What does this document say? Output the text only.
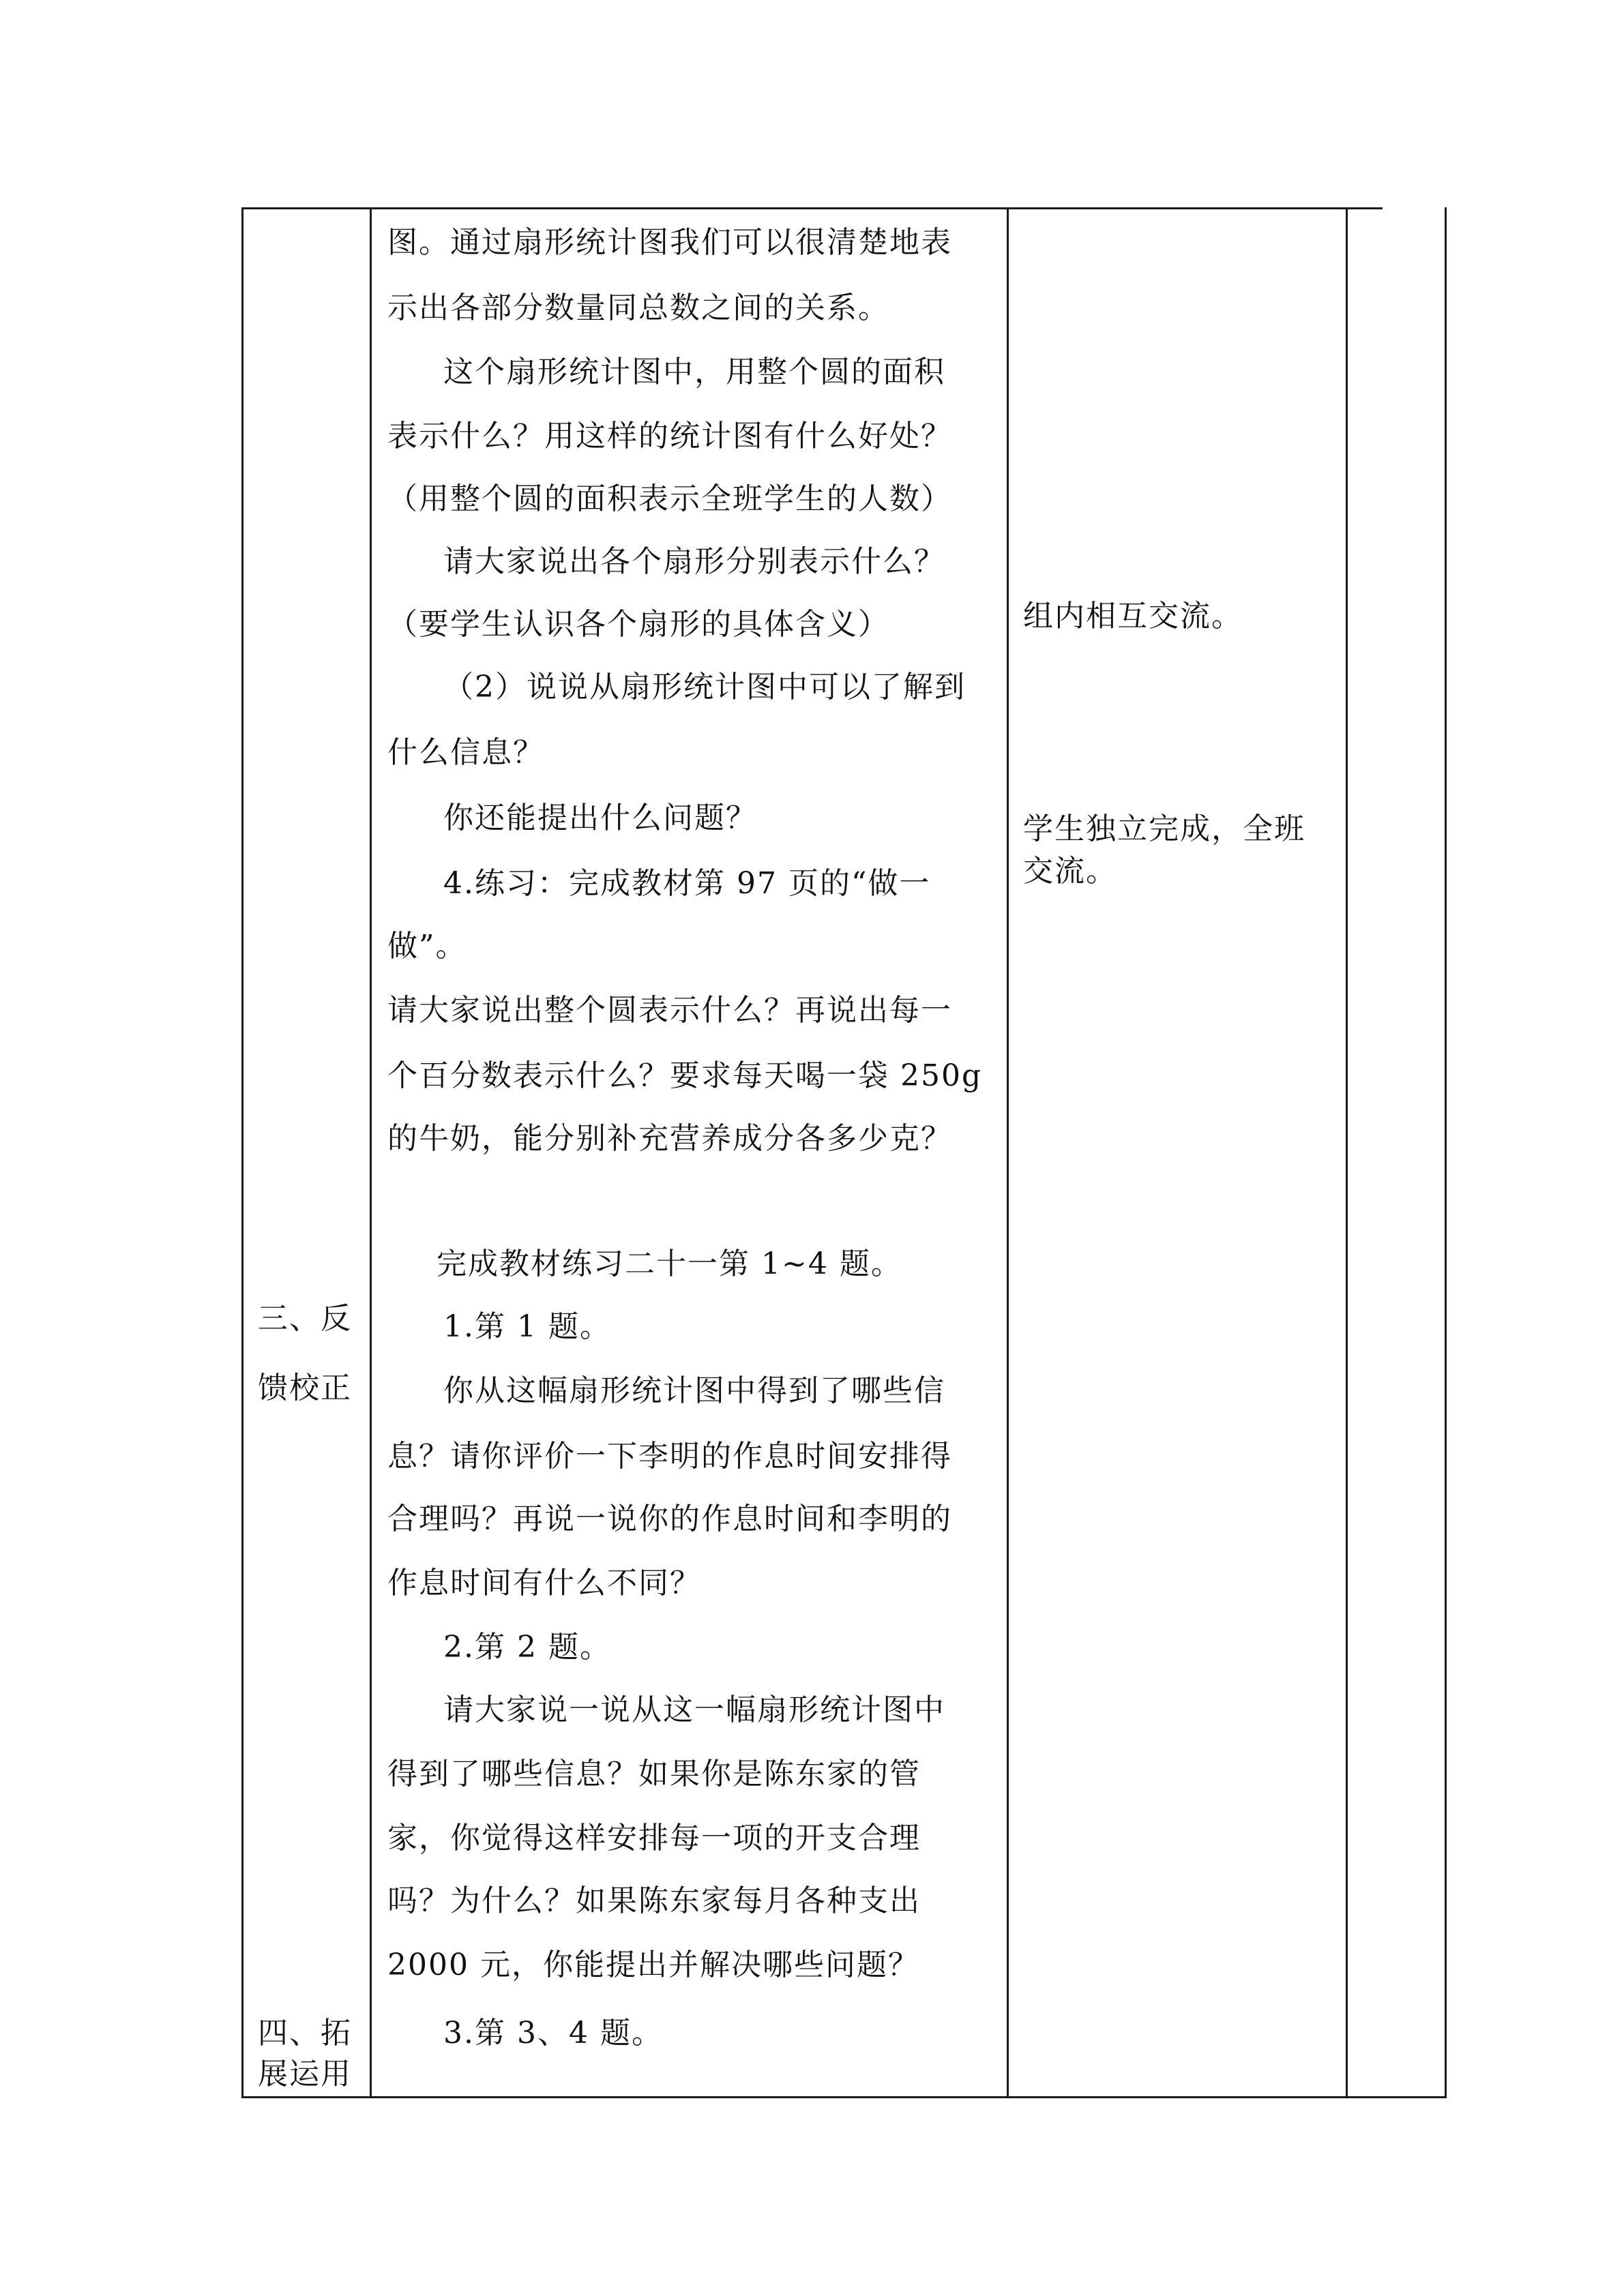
三、反
馈校正
四、拓
展运用
图。通过扇形统计图我们可以很清楚地表
示出各部分数量同总数之间的关系。
这个扇形统计图中，用整个圆的面积
表示什么？用这样的统计图有什么好处？
（用整个圆的面积表示全班学生的人数）
请大家说出各个扇形分别表示什么？
（要学生认识各个扇形的具体含义）
（2）说说从扇形统计图中可以了解到
什么信息？
你还能提出什么问题？
4.练习：完成教材第 97 页的“做一
做”。
请大家说出整个圆表示什么？再说出每一
个百分数表示什么？要求每天喝一袋 250g
的牛奶，能分别补充营养成分各多少克？
完成教材练习二十一第 1~4 题。
1.第 1 题。
你从这幅扇形统计图中得到了哪些信
息？请你评价一下李明的作息时间安排得
合理吗？再说一说你的作息时间和李明的
作息时间有什么不同？
2.第 2 题。
请大家说一说从这一幅扇形统计图中
得到了哪些信息？如果你是陈东家的管
家，你觉得这样安排每一项的开支合理
吗？为什么？如果陈东家每月各种支出
2000 元，你能提出并解决哪些问题？
3.第 3、4 题。
组内相互交流。
学生独立完成，全班
交流。
